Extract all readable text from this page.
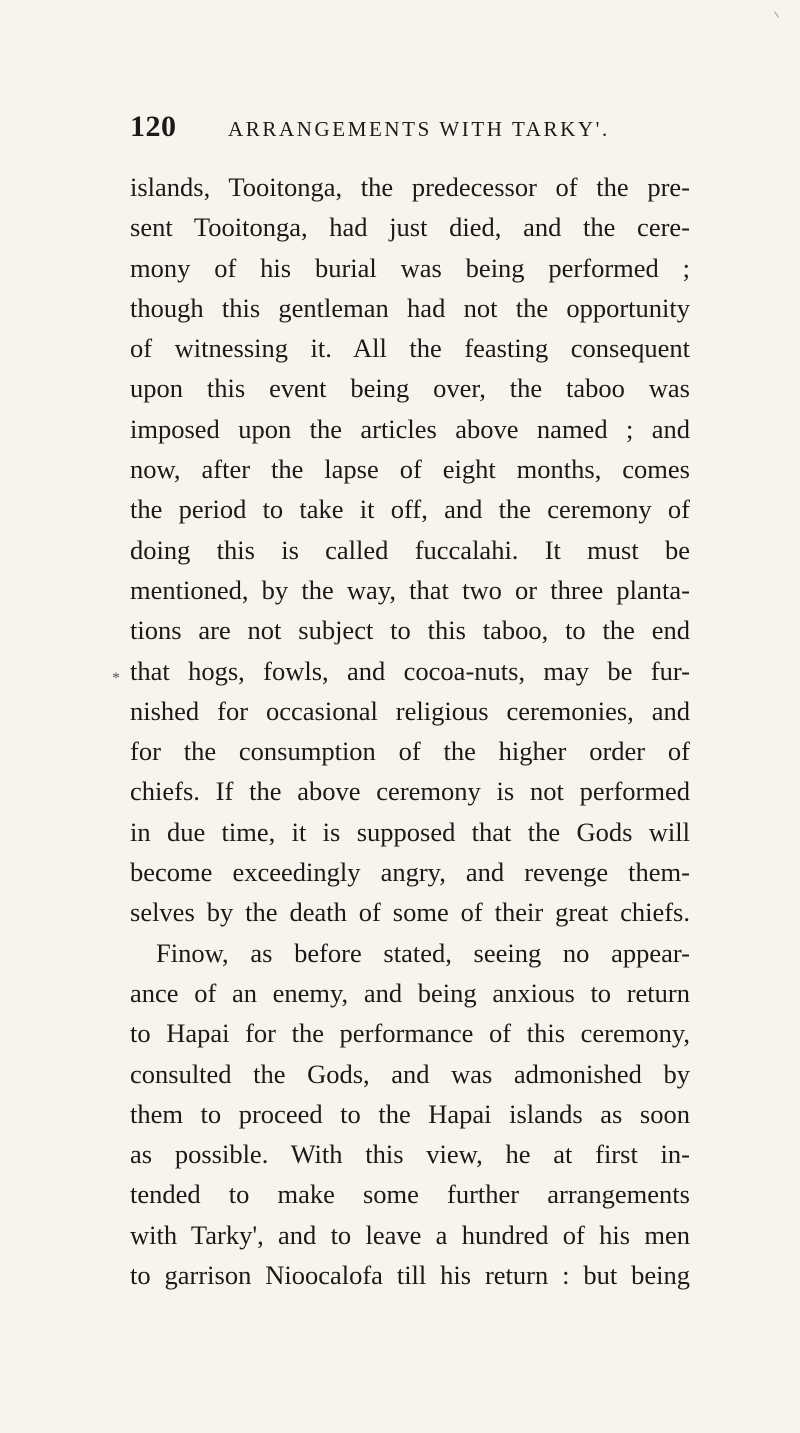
120 ARRANGEMENTS WITH TARKY'.
*
islands, Tooitonga, the predecessor of the pre-
sent Tooitonga, had just died, and the cere-
mony of his burial was being performed ;
though this gentleman had not the opportunity
of witnessing it. All the feasting consequent
upon this event being over, the taboo was
imposed upon the articles above named ; and
now, after the lapse of eight months, comes
the period to take it off, and the ceremony of
doing this is called fuccalahi. It must be
mentioned, by the way, that two or three planta-
tions are not subject to this taboo, to the end
that hogs, fowls, and cocoa-nuts, may be fur-
nished for occasional religious ceremonies, and
for the consumption of the higher order of
chiefs. If the above ceremony is not performed
in due time, it is supposed that the Gods will
become exceedingly angry, and revenge them-
selves by the death of some of their great chiefs.
Finow, as before stated, seeing no appear-
ance of an enemy, and being anxious to return
to Hapai for the performance of this ceremony,
consulted the Gods, and was admonished by
them to proceed to the Hapai islands as soon
as possible. With this view, he at first in-
tended to make some further arrangements
with Tarky', and to leave a hundred of his men
to garrison Nioocalofa till his return : but being
